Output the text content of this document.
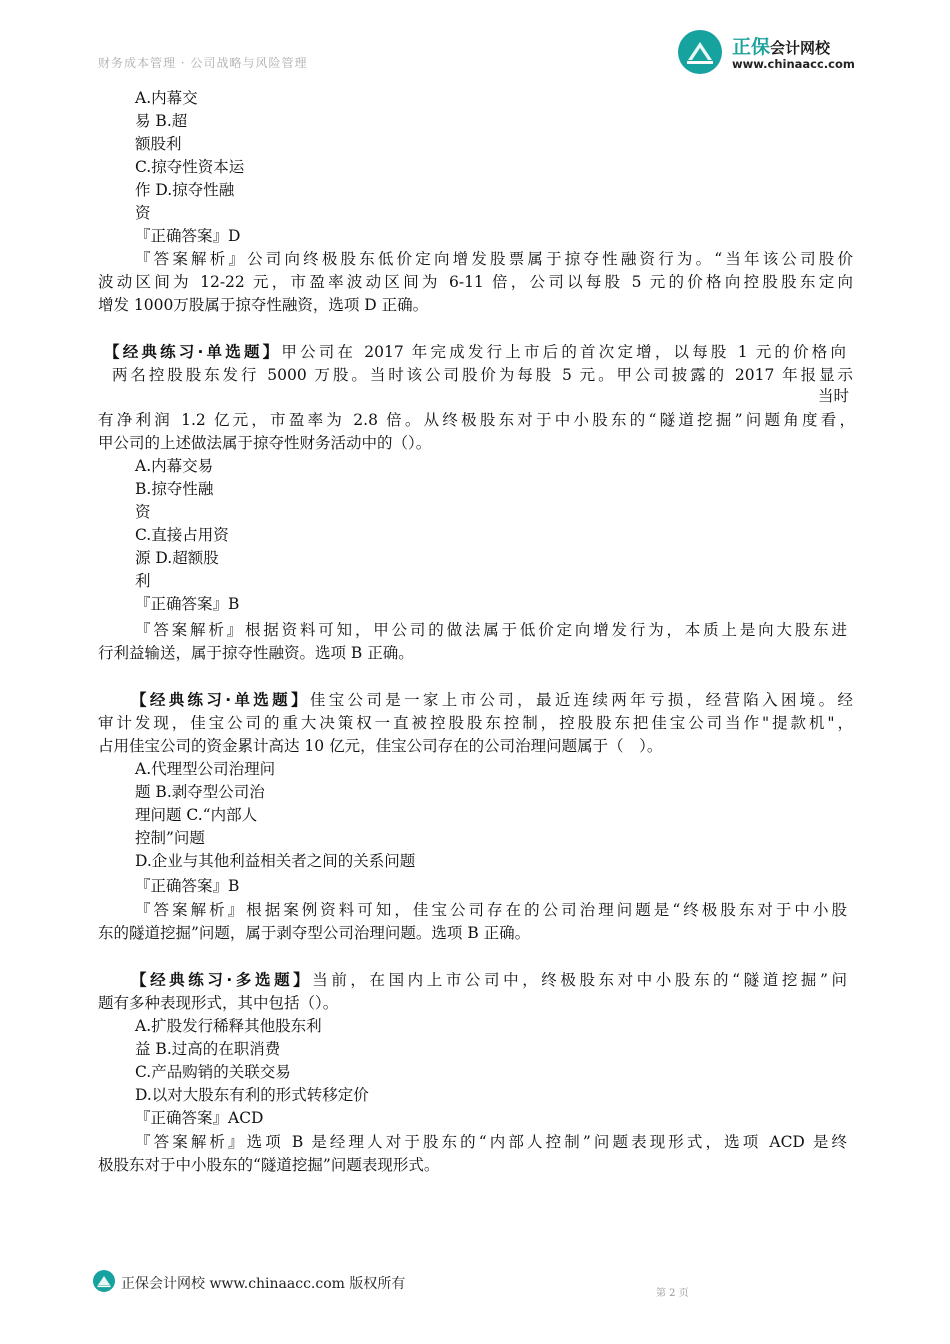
财务成本管理 · 公司战略与风险管理
正保会计网校
www.chinaacc.com
A.内幕交
易 B.超
额股利
C.掠夺性资本运
作 D.掠夺性融
资
『正确答案』D
『答案解析』公司向终极股东低价定向增发股票属于掠夺性融资行为。“当年该公司股价
波动区间为 12-22 元，市盈率波动区间为 6-11 倍，公司以每股 5 元的价格向控股股东定向
增发 1000万股属于掠夺性融资，选项 D 正确。
【经典练习·单选题】甲公司在 2017 年完成发行上市后的首次定增，以每股 1 元的价格向
两名控股股东发行 5000 万股。当时该公司股价为每股 5 元。甲公司披露的 2017 年报显示
当时
有净利润 1.2 亿元，市盈率为 2.8 倍。从终极股东对于中小股东的“隧道挖掘”问题角度看，
甲公司的上述做法属于掠夺性财务活动中的（）。
A.内幕交易
B.掠夺性融
资
C.直接占用资
源 D.超额股
利
『正确答案』B
『答案解析』根据资料可知，甲公司的做法属于低价定向增发行为，本质上是向大股东进
行利益输送，属于掠夺性融资。选项 B 正确。
【经典练习·单选题】佳宝公司是一家上市公司，最近连续两年亏损，经营陷入困境。经
审计发现，佳宝公司的重大决策权一直被控股股东控制，控股股东把佳宝公司当作"提款机"，
占用佳宝公司的资金累计高达 10 亿元，佳宝公司存在的公司治理问题属于（　）。
A.代理型公司治理问
题 B.剥夺型公司治
理问题 C.“内部人
控制”问题
D.企业与其他利益相关者之间的关系问题
『正确答案』B
『答案解析』根据案例资料可知，佳宝公司存在的公司治理问题是“终极股东对于中小股
东的隧道挖掘”问题，属于剥夺型公司治理问题。选项 B 正确。
【经典练习·多选题】当前，在国内上市公司中，终极股东对中小股东的“隧道挖掘”问
题有多种表现形式，其中包括（）。
A.扩股发行稀释其他股东利
益 B.过高的在职消费
C.产品购销的关联交易
D.以对大股东有利的形式转移定价
『正确答案』ACD
『答案解析』选项 B 是经理人对于股东的“内部人控制”问题表现形式，选项 ACD 是终
极股东对于中小股东的“隧道挖掘”问题表现形式。
正保会计网校 www.chinaacc.com 版权所有
第 2 页
